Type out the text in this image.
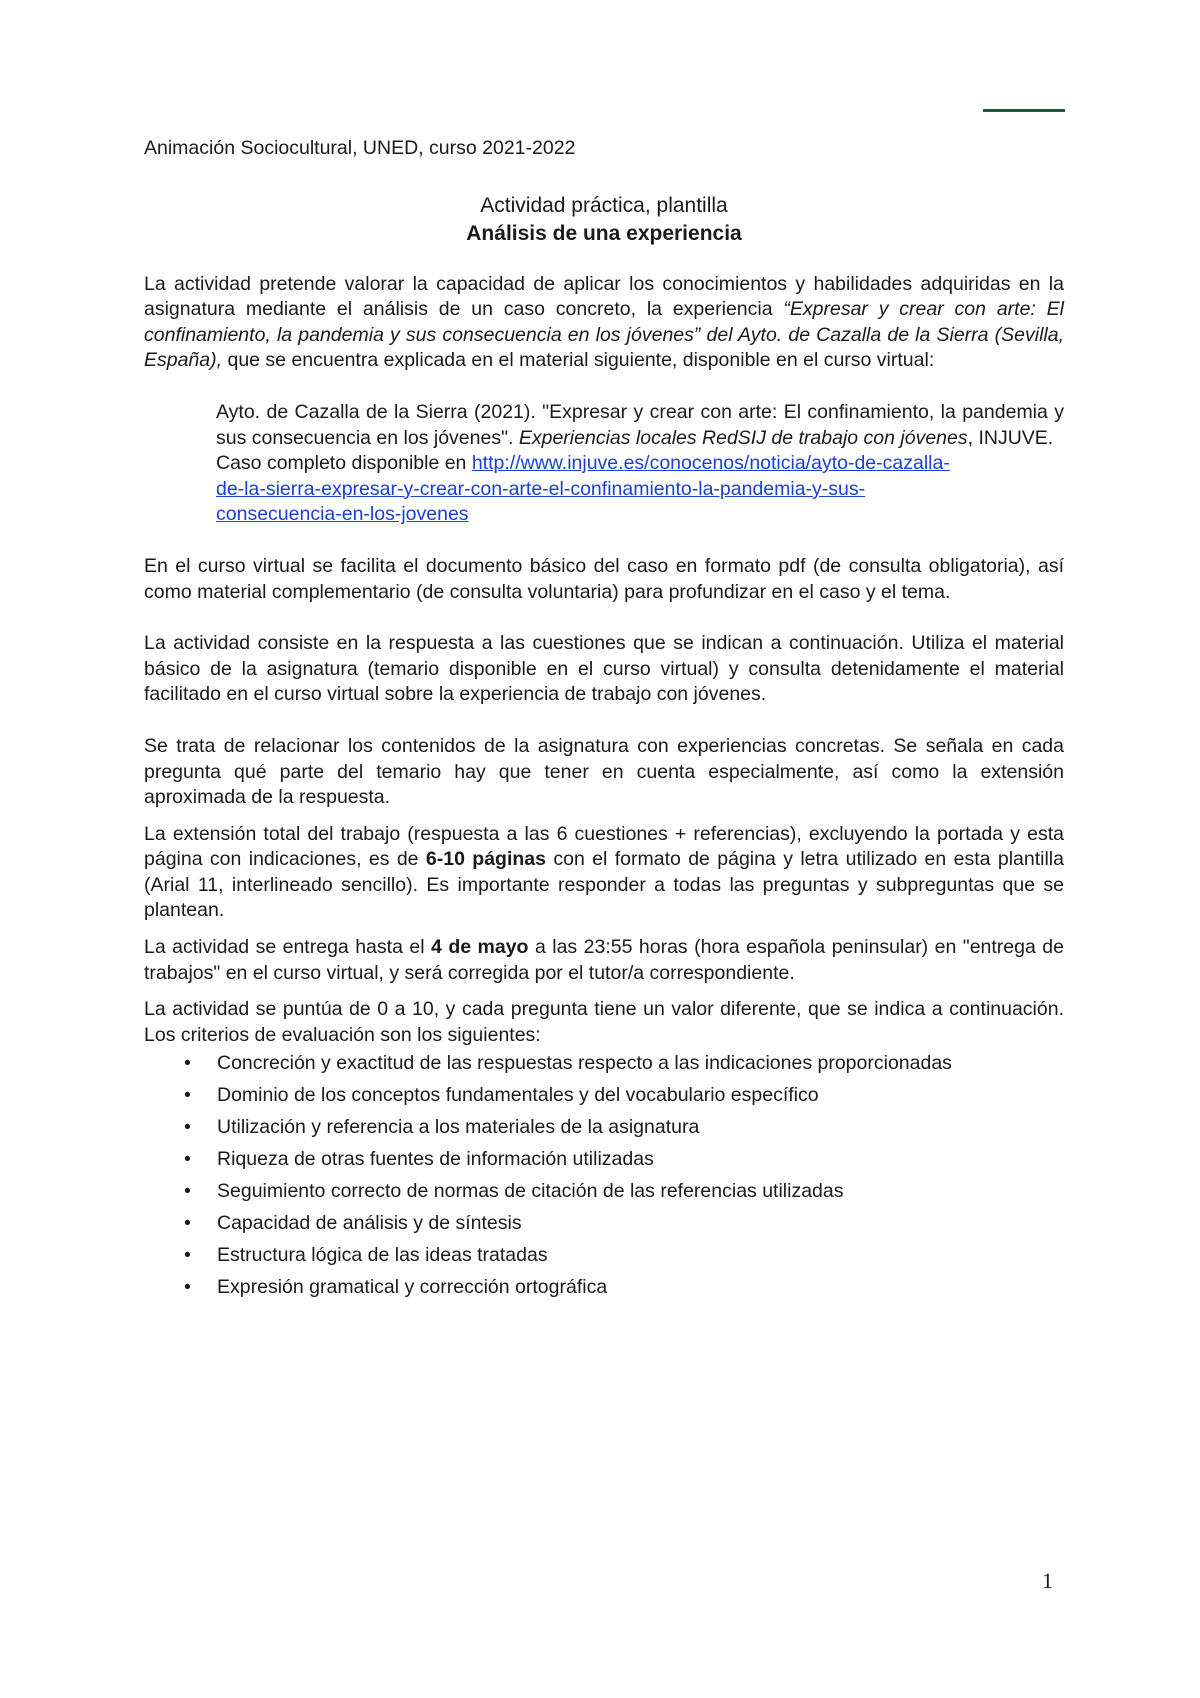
Animación Sociocultural, UNED, curso 2021-2022

Actividad práctica, plantilla
Análisis de una experiencia

La actividad pretende valorar la capacidad de aplicar los conocimientos y habilidades adquiridas en la asignatura mediante el análisis de un caso concreto, la experiencia “Expresar y crear con arte: El confinamiento, la pandemia y sus consecuencia en los jóvenes” del Ayto. de Cazalla de la Sierra (Sevilla, España), que se encuentra explicada en el material siguiente, disponible en el curso virtual:

Ayto. de Cazalla de la Sierra (2021). "Expresar y crear con arte: El confinamiento, la pandemia y sus consecuencia en los jóvenes". Experiencias locales RedSIJ de trabajo con jóvenes, INJUVE.

Caso completo disponible en http://www.injuve.es/conocenos/noticia/ayto-de-cazalla-
de-la-sierra-expresar-y-crear-con-arte-el-confinamiento-la-pandemia-y-sus-
consecuencia-en-los-jovenes

En el curso virtual se facilita el documento básico del caso en formato pdf (de consulta obligatoria), así como material complementario (de consulta voluntaria) para profundizar en el caso y el tema.

La actividad consiste en la respuesta a las cuestiones que se indican a continuación. Utiliza el material básico de la asignatura (temario disponible en el curso virtual) y consulta detenidamente el material facilitado en el curso virtual sobre la experiencia de trabajo con jóvenes.

Se trata de relacionar los contenidos de la asignatura con experiencias concretas. Se señala en cada pregunta qué parte del temario hay que tener en cuenta especialmente, así como la extensión aproximada de la respuesta.

La extensión total del trabajo (respuesta a las 6 cuestiones + referencias), excluyendo la portada y esta página con indicaciones, es de 6-10 páginas con el formato de página y letra utilizado en esta plantilla (Arial 11, interlineado sencillo). Es importante responder a todas las preguntas y subpreguntas que se plantean.

La actividad se entrega hasta el 4 de mayo a las 23:55 horas (hora española peninsular) en "entrega de trabajos" en el curso virtual, y será corregida por el tutor/a correspondiente.

La actividad se puntúa de 0 a 10, y cada pregunta tiene un valor diferente, que se indica a continuación. Los criterios de evaluación son los siguientes:

• Concreción y exactitud de las respuestas respecto a las indicaciones proporcionadas
• Dominio de los conceptos fundamentales y del vocabulario específico
• Utilización y referencia a los materiales de la asignatura
• Riqueza de otras fuentes de información utilizadas
• Seguimiento correcto de normas de citación de las referencias utilizadas
• Capacidad de análisis y de síntesis
• Estructura lógica de las ideas tratadas
• Expresión gramatical y corrección ortográfica
1
